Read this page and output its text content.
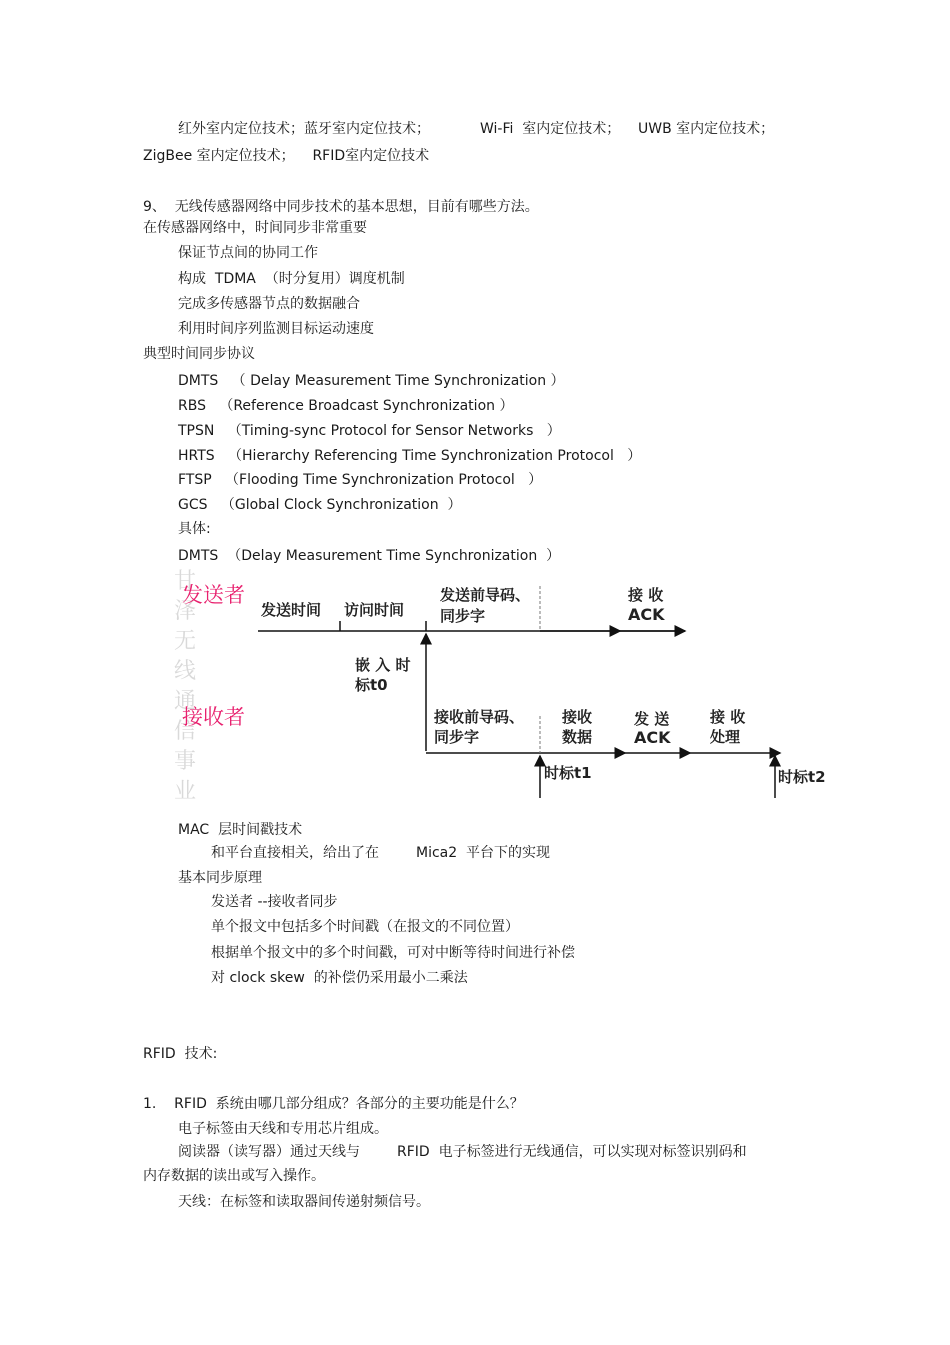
红外室内定位技术；蓝牙室内定位技术；	Wi-Fi  室内定位技术； UWB 室内定位技术；
ZigBee 室内定位技术；    RFID室内定位技术
9、  无线传感器网络中同步技术的基本思想，目前有哪些方法。
在传感器网络中，时间同步非常重要
保证节点间的协同工作
构成  TDMA  （时分复用）调度机制
完成多传感器节点的数据融合
利用时间序列监测目标运动速度
典型时间同步协议
DMTS   （ Delay Measurement Time Synchronization ）
RBS   （Reference Broadcast Synchronization ）
TPSN   （Timing-sync Protocol for Sensor Networks   ）
HRTS   （Hierarchy Referencing Time Synchronization Protocol   ）
FTSP   （Flooding Time Synchronization Protocol   ）
GCS   （Global Clock Synchronization  ）
具体:
DMTS  （Delay Measurement Time Synchronization  ）
甘泽无线通信事业
发送者
接收者
发送时间 访问时间
发送前导码、
同步字
接 收
ACK
嵌 入 时
标t0
接收前导码、
同步字
接收
数据
发 送
ACK
接 收
处理
时标t1	时标t2
MAC  层时间戳技术
和平台直接相关，给出了在	Mica2  平台下的实现
基本同步原理
发送者 --接收者同步
单个报文中包括多个时间戳（在报文的不同位置）
根据单个报文中的多个时间戳，可对中断等待时间进行补偿
对 clock skew  的补偿仍采用最小二乘法
RFID  技术:
1.    RFID  系统由哪几部分组成？各部分的主要功能是什么？
电子标签由天线和专用芯片组成。
阅读器（读写器）通过天线与	RFID  电子标签进行无线通信，可以实现对标签识别码和
内存数据的读出或写入操作。
天线：在标签和读取器间传递射频信号。
